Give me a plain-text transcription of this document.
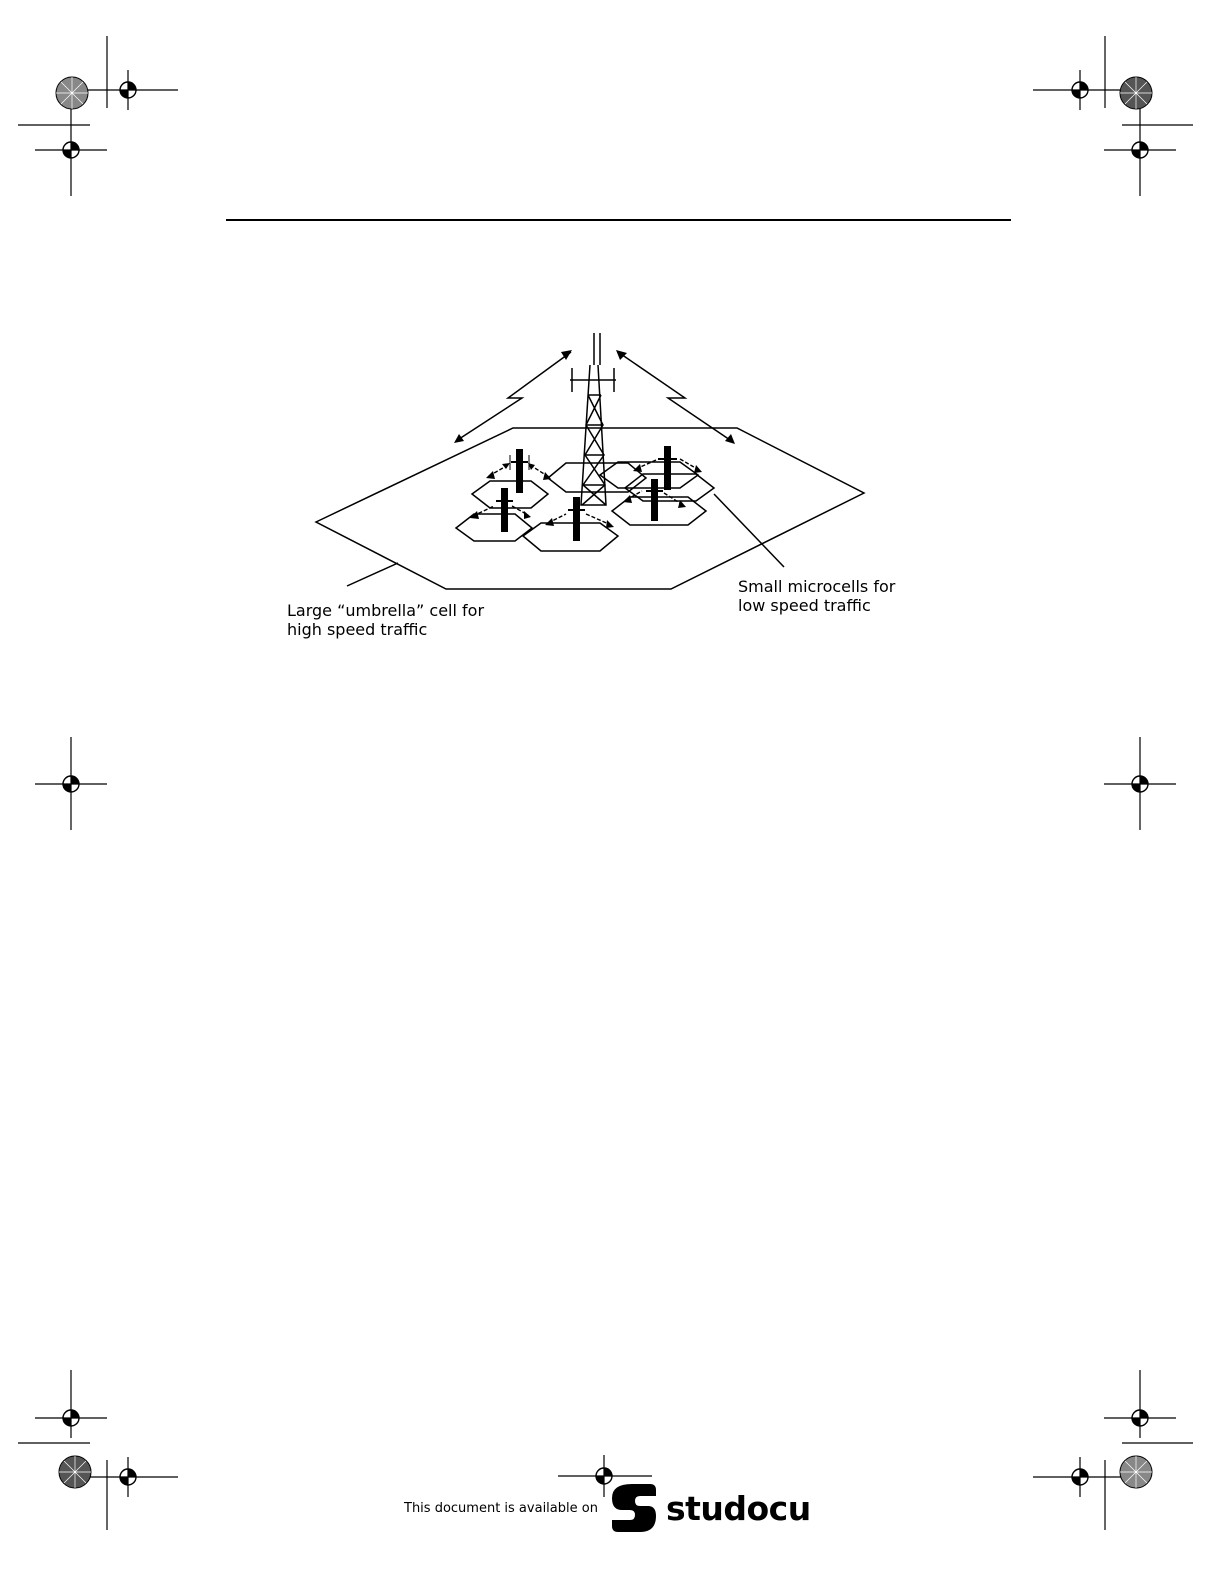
Large “umbrella” cell for
high speed traffic
Small microcells for
low speed traffic
This document is available on studocu
